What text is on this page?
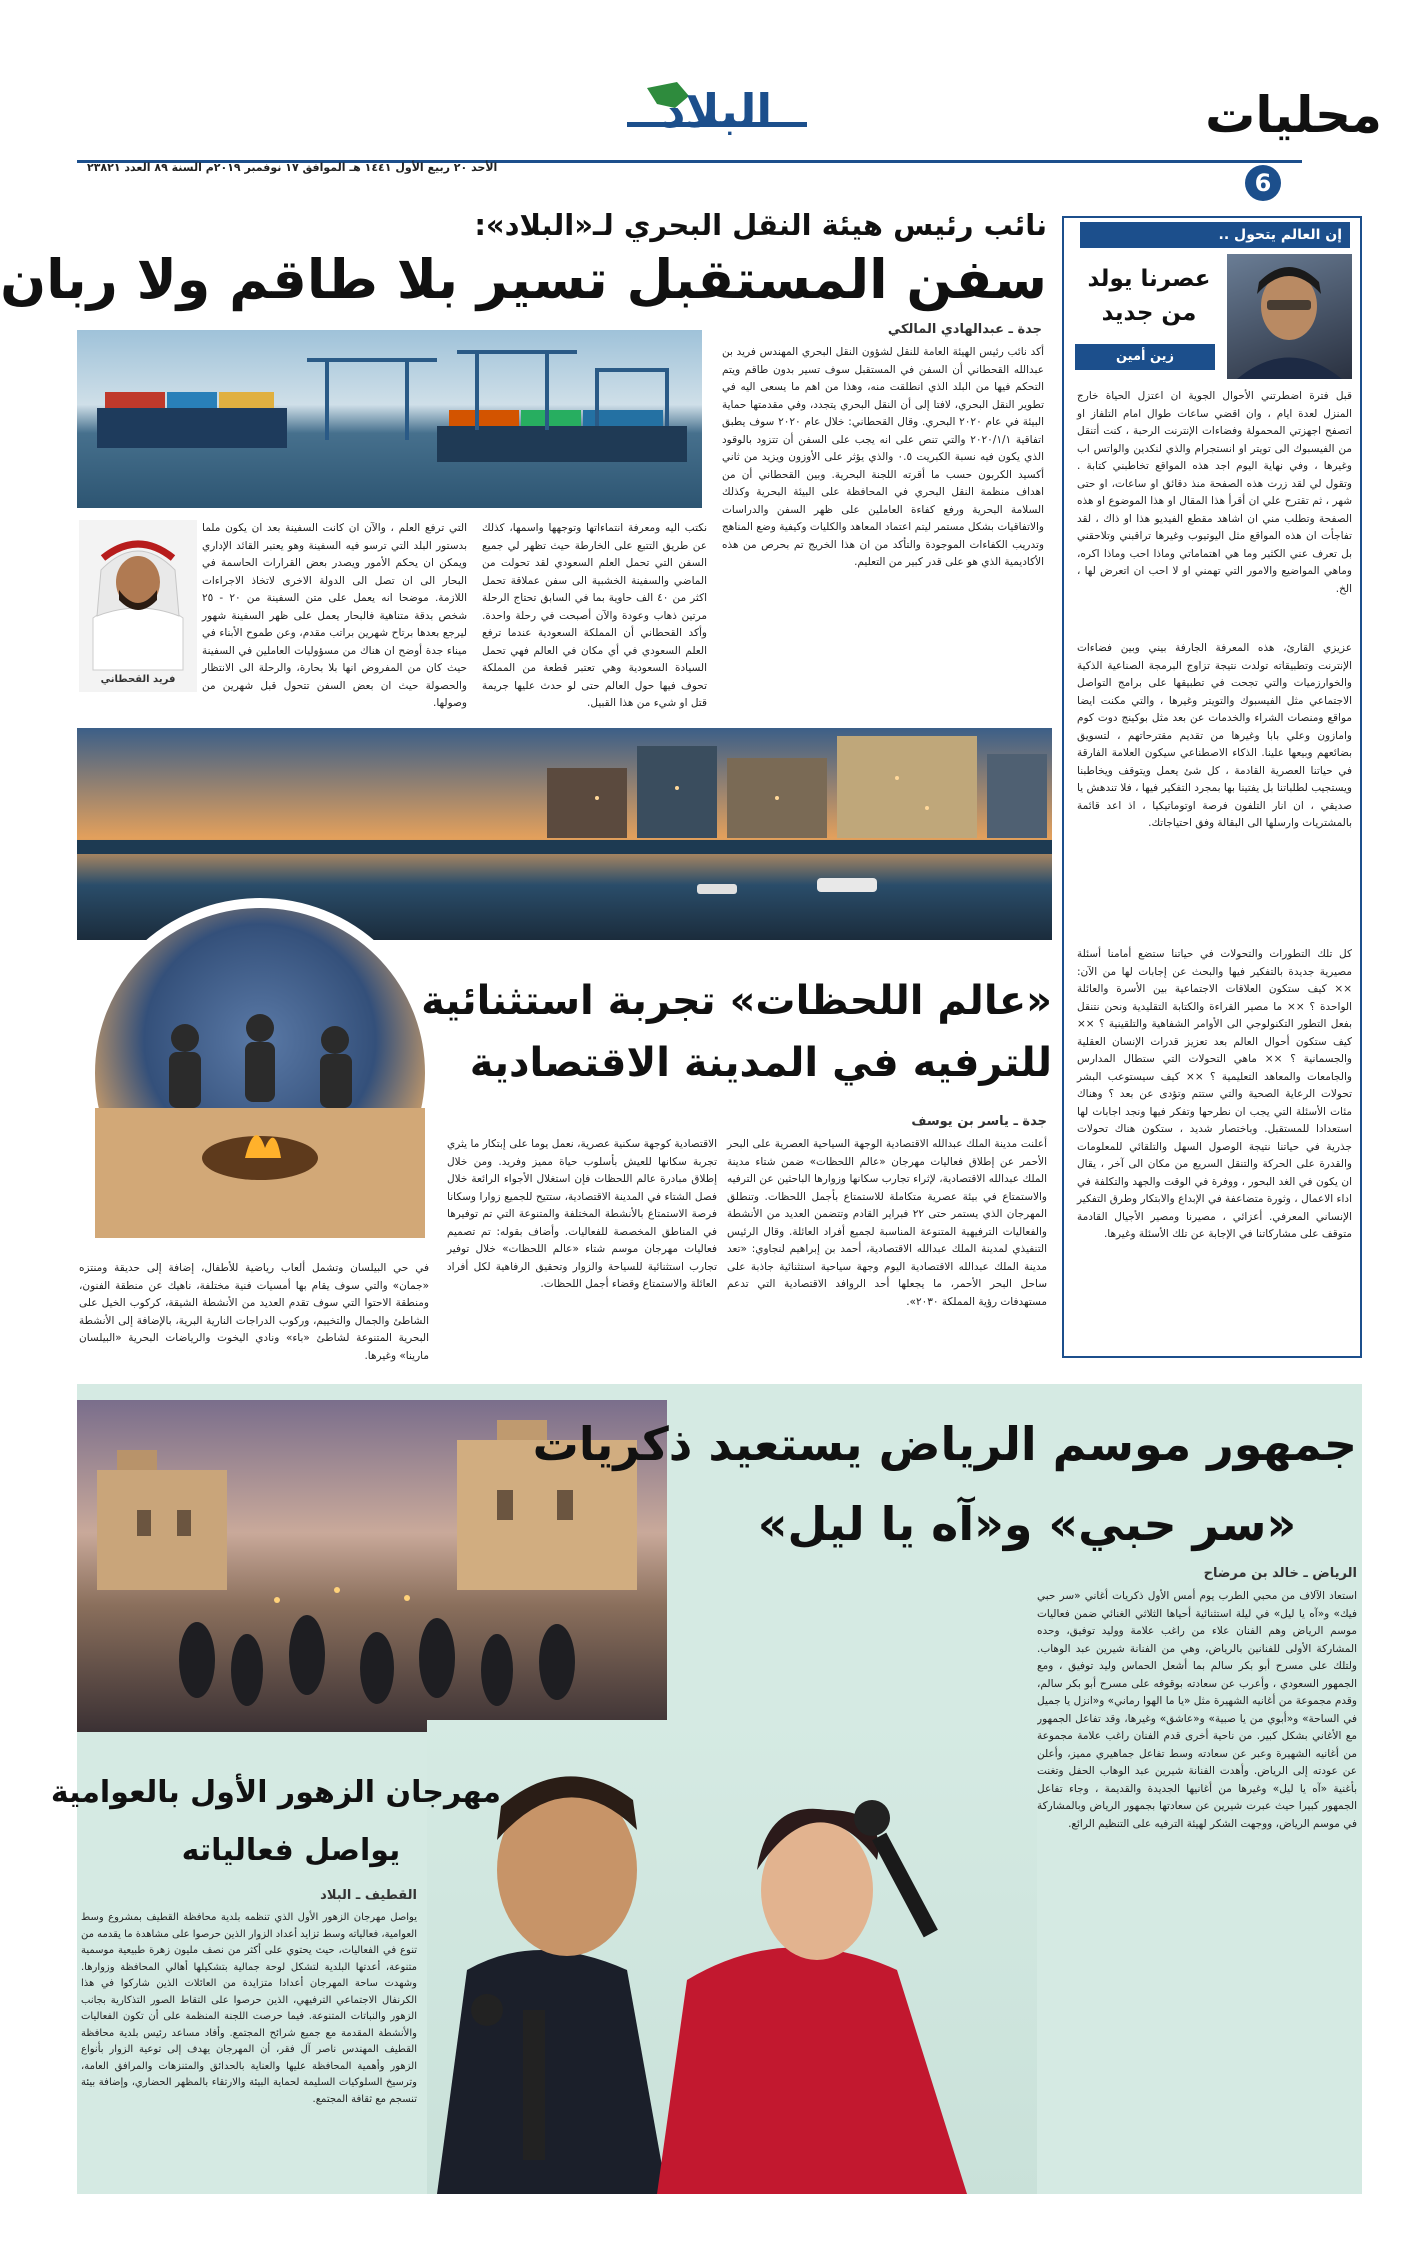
البلاد
الأحد ٢٠ ربيع الأول ١٤٤١ هـ الموافق ١٧ نوفمبر ٢٠١٩م السنة ٨٩ العدد ٢٣٨٢١
محليات
6
إن العالم يتحول ..
عصرنا يولد
من جديد
زين أمين
قبل فترة اضطرتني الأحوال الجوية ان اعتزل الحياة خارج المنزل لعدة ايام ، وان اقضي ساعات طوال امام التلفاز او اتصفح اجهزتي المحمولة وفضاءات الإنترنت الرحبة ، كنت أتنقل من الفيسبوك الى تويتر او انستجرام والذي لنكدين والواتس اب وغيرها ، وفي نهاية اليوم اجد هذه المواقع تخاطبني كتابة . وتقول لي لقد زرت هذه الصفحة منذ دقائق او ساعات، او حتى شهر ، ثم تقترح علي ان أقرأ هذا المقال او هذا الموضوع او هذه الصفحة وتطلب مني ان اشاهد مقطع الفيديو هذا او ذاك ، لقد تفاجأت ان هذه المواقع مثل اليوتيوب وغيرها تراقبني وتلاحقني بل تعرف عني الكثير وما هي اهتماماتي وماذا احب وماذا اكره، وماهي المواضيع والامور التي تهمني او لا احب ان اتعرض لها ، الخ.
عزيزي القارئ، هذه المعرفة الجارفة بيني وبين فضاءات الإنترنت وتطبيقاته تولدت نتيجة تزاوج البرمجة الصناعية الذكية والخوارزميات والتي تجحت في تطبيقها على برامج التواصل الاجتماعي مثل الفيسبوك والتويتر وغيرها ، والتي مكنت ايضا مواقع ومنصات الشراء والخدمات عن بعد مثل بوكينج دوت كوم وامازون وعلي بابا وغيرها من تقديم مقترحاتهم ، لتسويق بضائعهم وبيعها علينا. الذكاء الاصطناعي سيكون العلامة الفارقة في حياتنا العصرية القادمة ، كل شئ يعمل ويتوقف ويخاطبنا ويستجيب لطلباتنا بل يفتينا بها بمجرد التفكير فيها ، فلا تندهش يا صديقي ، ان انار التلفون فرصة اوتوماتيكيا ، اذ اعد قائمة بالمشتريات وارسلها الى البقالة وفق احتياجاتك.
كل تلك التطورات والتحولات في حياتنا ستضع أمامنا أسئلة مصيرية جديدة بالتفكير فيها والبحث عن إجابات لها من الآن: ×× كيف ستكون العلاقات الاجتماعية بين الأسرة والعائلة الواحدة ؟ ×× ما مصير القراءة والكتابة التقليدية ونحن نتنقل بفعل التطور التكنولوجي الى الأوامر الشفاهية والتلقينية ؟ ×× كيف ستكون أحوال العالم بعد تعزيز قدرات الإنسان العقلية والجسمانية ؟ ×× ماهي التحولات التي ستطال المدارس والجامعات والمعاهد التعليمية ؟ ×× كيف سيستوعب البشر تحولات الرعاية الصحية والتي ستتم وتؤدى عن بعد ؟ وهناك مئات الأسئلة التي يجب ان نطرحها وتفكر فيها ونجد اجابات لها استعدادا للمستقبل. وباختصار شديد ، ستكون هناك تحولات جذرية في حياتنا نتيجة الوصول السهل والتلقائي للمعلومات والقدرة على الحركة والتنقل السريع من مكان الى آخر ، يقال ان يكون في الغد البحور ، ووفرة في الوقت والجهد والتكلفة في اداء الاعمال ، وثورة متضاعفة في الإبداع والابتكار وطرق التفكير الإنساني المعرفي. أعزائي ، مصيرنا ومصير الأجيال القادمة متوقف على مشاركاتنا في الإجابة عن تلك الأسئلة وغيرها.
نائب رئيس هيئة النقل البحري لـ«البلاد»:
سفن المستقبل تسير بلا طاقم ولا ربان
جدة ـ عبدالهادي المالكي
أكد نائب رئيس الهيئة العامة للنقل لشؤون النقل البحري المهندس فريد بن عبدالله القحطاني أن السفن في المستقبل سوف تسير بدون طاقم ويتم التحكم فيها من البلد الذي انطلقت منه، وهذا من اهم ما يسعى اليه في تطوير النقل البحري، لافتا إلى أن النقل البحري يتجدد، وفي مقدمتها حماية البيئة في عام ٢٠٢٠ البحري. وقال القحطاني: خلال عام ٢٠٢٠ سوف يطبق اتفاقية ٢٠٢٠/١/١ والتي تنص على انه يجب على السفن أن تتزود بالوقود الذي يكون فيه نسبة الكبريت ٠.٥ والذي يؤثر على الأوزون ويزيد من ثاني أكسيد الكربون حسب ما أقرته اللجنة البحرية. وبين القحطاني أن من اهداف منظمة النقل البحري في المحافظة على البيئة البحرية وكذلك السلامة البحرية ورفع كفاءة العاملين على ظهر السفن والدراسات والاتفاقيات بشكل مستمر ليتم اعتماد المعاهد والكليات وكيفية وضع المناهج وتدريب الكفاءات الموجودة والتأكد من ان هذا الخريج تم بحرص من هذه الأكاديمية الذي هو على قدر كبير من التعليم.
نكتب اليه ومعرفة انتماءاتها وتوجهها واسمها، كذلك عن طريق التتبع على الخارطة حيث تظهر لي جميع السفن التي تحمل العلم السعودي لقد تحولت من الماضي والسفينة الخشبية الى سفن عملاقة تحمل اكثر من ٤٠ الف حاوية بما في السابق تحتاج الرحلة مرتين ذهاب وعودة والآن أصبحت في رحلة واحدة. وأكد القحطاني أن المملكة السعودية عندما ترفع العلم السعودي في أي مكان في العالم فهي تحمل السيادة السعودية وهي تعتبر قطعة من المملكة تحوف فيها حول العالم حتى لو حدث عليها جريمة قتل او شيء من هذا القبيل.
التي ترفع العلم ، والآن ان كانت السفينة بعد ان يكون ملما بدستور البلد التي ترسو فيه السفينة وهو يعتبر القائد الإداري ويمكن ان يحكم الأمور ويصدر بعض القرارات الحاسمة في البحار الى ان تصل الى الدولة الاخرى لاتخاذ الاجراءات اللازمة. موضحا انه يعمل على متن السفينة من ٢٠ - ٢٥ شخص بدقة متناهية فالبحار يعمل على ظهر السفينة شهور ليرجع بعدها برتاح شهرين براتب مقدم، وعن طموح الأبناء في ميناء جدة أوضح ان هناك من مسؤوليات العاملين في السفينة حيث كان من المفروض انها بلا بحارة، والرحلة الى الانتظار والحصولة حيث ان بعض السفن تتحول قبل شهرين من وصولها.
فريد القحطاني
«عالم اللحظات» تجربة استثنائية
للترفيه في المدينة الاقتصادية
جدة ـ ياسر بن يوسف
أعلنت مدينة الملك عبدالله الاقتصادية الوجهة السياحية العصرية على البحر الأحمر عن إطلاق فعاليات مهرجان «عالم اللحظات» ضمن شتاء مدينة الملك عبدالله الاقتصادية، لإثراء تجارب سكانها وزوارها الباحثين عن الترفيه والاستمتاع في بيئة عصرية متكاملة للاستمتاع بأجمل اللحظات. وتنطلق المهرجان الذي يستمر حتى ٢٢ فبراير القادم وتتضمن العديد من الأنشطة والفعاليات الترفيهية المتنوعة المناسبة لجميع أفراد العائلة. وقال الرئيس التنفيذي لمدينة الملك عبدالله الاقتصادية، أحمد بن إبراهيم لنجاوي: «تعد مدينة الملك عبدالله الاقتصادية اليوم وجهة سياحية استثنائية جاذبة على ساحل البحر الأحمر، ما يجعلها أحد الروافد الاقتصادية التي تدعم مستهدفات رؤية المملكة ٢٠٣٠».
الاقتصادية كوجهة سكنية عصرية، نعمل يوما على إبتكار ما يثري تجربة سكانها للعيش بأسلوب حياة مميز وفريد. ومن خلال إطلاق مبادرة عالم اللحظات فإن استغلال الأجواء الرائعة خلال فصل الشتاء في المدينة الاقتصادية، ستتيح للجميع زوارا وسكانا فرصة الاستمتاع بالأنشطة المختلفة والمتنوعة التي تم توفيرها في المناطق المخصصة للفعاليات. وأضاف بقوله: تم تصميم فعاليات مهرجان موسم شتاء «عالم اللحظات» خلال توفير تجارب استثنائية للسياحة والزوار وتحقيق الرفاهية لكل أفراد العائلة والاستمتاع وقضاء أجمل اللحظات.
في حي البيلسان وتشمل ألعاب رياضية للأطفال، إضافة إلى حديقة ومنتزه «جمان» والتي سوف يقام بها أمسيات فنية مختلفة، ناهيك عن منطقة الفنون، ومنطقة الاحتوا التي سوف تقدم العديد من الأنشطة الشيقة، كركوب الخيل على الشاطئ والجمال والتخييم، وركوب الدراجات النارية البرية، بالإضافة إلى الأنشطة البحرية المتنوعة لشاطئ «باء» ونادي اليخوت والرياضات البحرية «البيلسان مارينا» وغيرها.
جمهور موسم الرياض يستعيد ذكريات
«سر حبي» و«آه يا ليل»
الرياض ـ خالد بن مرضاح
استعاد الآلاف من محبي الطرب يوم أمس الأول ذكريات أغاني «سر حبي فيك» و«آه يا ليل» في ليلة استثنائية أحياها الثلاثي الغنائي ضمن فعاليات موسم الرياض وهم الفنان علاء من راغب علامة ووليد توفيق، وحده المشاركة الأولى للفنانين بالرياض، وهي من الفنانة شيرين عبد الوهاب. ولتلك على مسرح أبو بكر سالم بما أشعل الحماس وليد توفيق ، ومع الجمهور السعودي ، وأعرب عن سعادته بوقوفه على مسرح أبو بكر سالم، وقدم مجموعة من أغانيه الشهيرة مثل «يا ما الهوا رماني» و«انزل يا جميل في الساحة» و«أبوي من يا صبية» و«عاشق» وغيرها، وقد تفاعل الجمهور مع الأغاني بشكل كبير. من ناحية أخرى قدم الفنان راغب علامة مجموعة من أغانيه الشهيرة وعبر عن سعادته وسط تفاعل جماهيري مميز، وأعلن عن عودته إلى الرياض. وأهدت الفنانة شيرين عبد الوهاب الحفل وتغنت بأغنية «آه يا ليل» وغيرها من أغانيها الجديدة والقديمة ، وجاء تفاعل الجمهور كبيرا حيث عبرت شيرين عن سعادتها بجمهور الرياض وبالمشاركة في موسم الرياض، ووجهت الشكر لهيئة الترفيه على التنظيم الرائع.
مهرجان الزهور الأول بالعوامية
يواصل فعالياته
القطيف ـ البلاد
يواصل مهرجان الزهور الأول الذي تنظمه بلدية محافظة القطيف بمشروع وسط العوامية، فعالياته وسط تزايد أعداد الزوار الذين حرصوا على مشاهدة ما يقدمه من تنوع في الفعاليات، حيث يحتوي على أكثر من نصف مليون زهرة طبيعية موسمية متنوعة، أعدتها البلدية لتشكل لوحة جمالية بتشكيلها أهالي المحافظة وزوارها. وشهدت ساحة المهرجان أعدادا متزايدة من العائلات الذين شاركوا في هذا الكرنفال الاجتماعي الترفيهي، الذين حرصوا على التقاط الصور التذكارية بجانب الزهور والنباتات المتنوعة. فيما حرصت اللجنة المنظمة على أن تكون الفعاليات والأنشطة المقدمة مع جميع شرائح المجتمع. وأفاد مساعد رئيس بلدية محافظة القطيف المهندس ناصر آل فقر، أن المهرجان يهدف إلى توعية الزوار بأنواع الزهور وأهمية المحافظة عليها والعناية بالحدائق والمتنزهات والمرافق العامة، وترسيخ السلوكيات السليمة لحماية البيئة والارتقاء بالمظهر الحضاري، وإضافة بيئة تنسجم مع ثقافة المجتمع.
